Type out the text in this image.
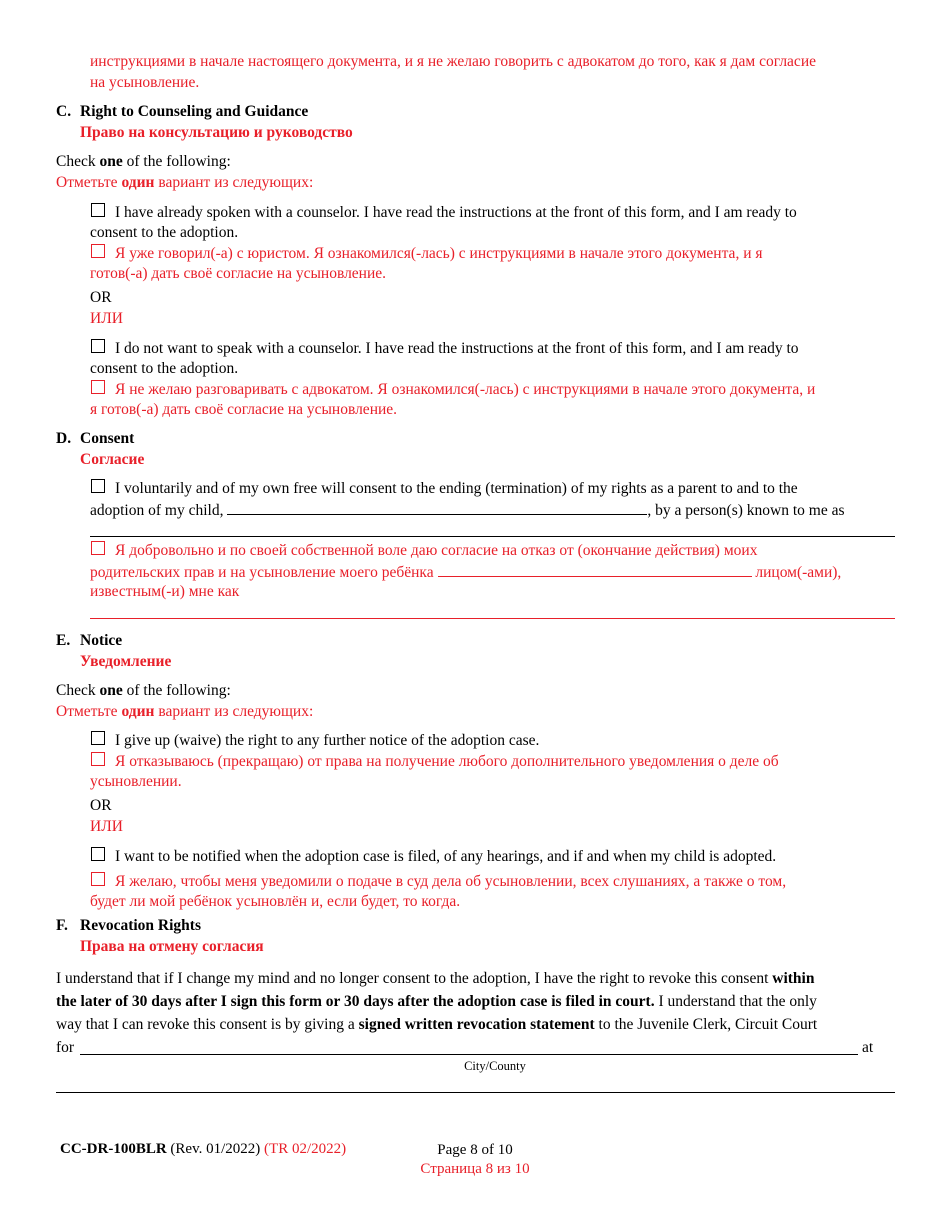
инструкциями в начале настоящего документа, и я не желаю говорить с адвокатом до того, как я дам согласие
на усыновление.
C. Right to Counseling and Guidance
Право на консультацию и руководство
Check one of the following:
Отметьте один вариант из следующих:
I have already spoken with a counselor. I have read the instructions at the front of this form, and I am ready to
consent to the adoption.
Я уже говорил(-а) с юристом. Я ознакомился(-лась) с инструкциями в начале этого документа, и я
готов(-а) дать своё согласие на усыновление.
OR
ИЛИ
I do not want to speak with a counselor. I have read the instructions at the front of this form, and I am ready to
consent to the adoption.
Я не желаю разговаривать с адвокатом. Я ознакомился(-лась) с инструкциями в начале этого документа, и
я готов(-а) дать своё согласие на усыновление.
D. Consent
Согласие
I voluntarily and of my own free will consent to the ending (termination) of my rights as a parent to and to the
adoption of my child,	, by a person(s) known to me as
Я добровольно и по своей собственной воле даю согласие на отказ от (окончание действия) моих
родительских прав и на усыновление моего ребёнка	лицом(-ами),
известным(-и) мне как
E. Notice
Уведомление
Check one of the following:
Отметьте один вариант из следующих:
I give up (waive) the right to any further notice of the adoption case.
Я отказываюсь (прекращаю) от права на получение любого дополнительного уведомления о деле об
усыновлении.
OR
ИЛИ
I want to be notified when the adoption case is filed, of any hearings, and if and when my child is adopted.
Я желаю, чтобы меня уведомили о подаче в суд дела об усыновлении, всех слушаниях, а также о том,
будет ли мой ребёнок усыновлён и, если будет, то когда.
F. Revocation Rights
Права на отмену согласия
I understand that if I change my mind and no longer consent to the adoption, I have the right to revoke this consent within
the later of 30 days after I sign this form or 30 days after the adoption case is filed in court. I understand that the only
way that I can revoke this consent is by giving a signed written revocation statement to the Juvenile Clerk, Circuit Court
for	at
City/County
CC-DR-100BLR (Rev. 01/2022) (TR 02/2022)	Page 8 of 10
Страница 8 из 10
